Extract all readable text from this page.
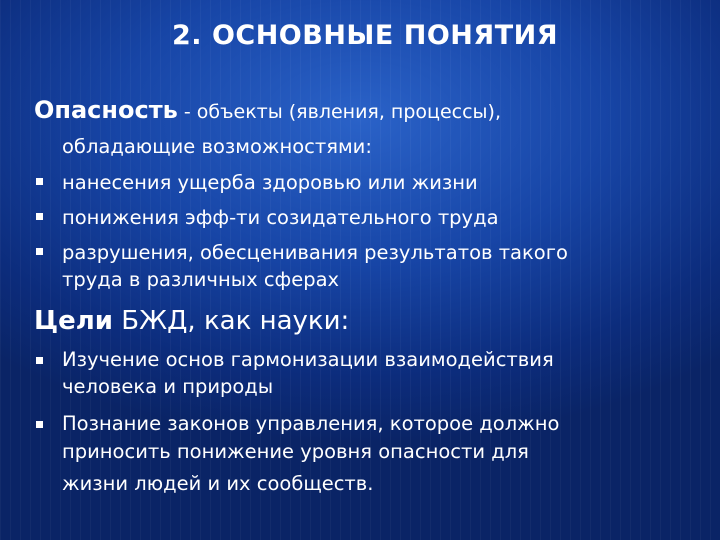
2. ОСНОВНЫЕ ПОНЯТИЯ
Опасность - объекты (явления, процессы),
обладающие возможностями:
нанесения ущерба здоровью или жизни
понижения эфф-ти созидательного труда
разрушения, обесценивания результатов такого
труда в различных сферах
Цели БЖД, как науки:
Изучение основ гармонизации взаимодействия
человека и природы
Познание законов управления, которое должно
приносить понижение уровня опасности для
жизни людей и их сообществ.
